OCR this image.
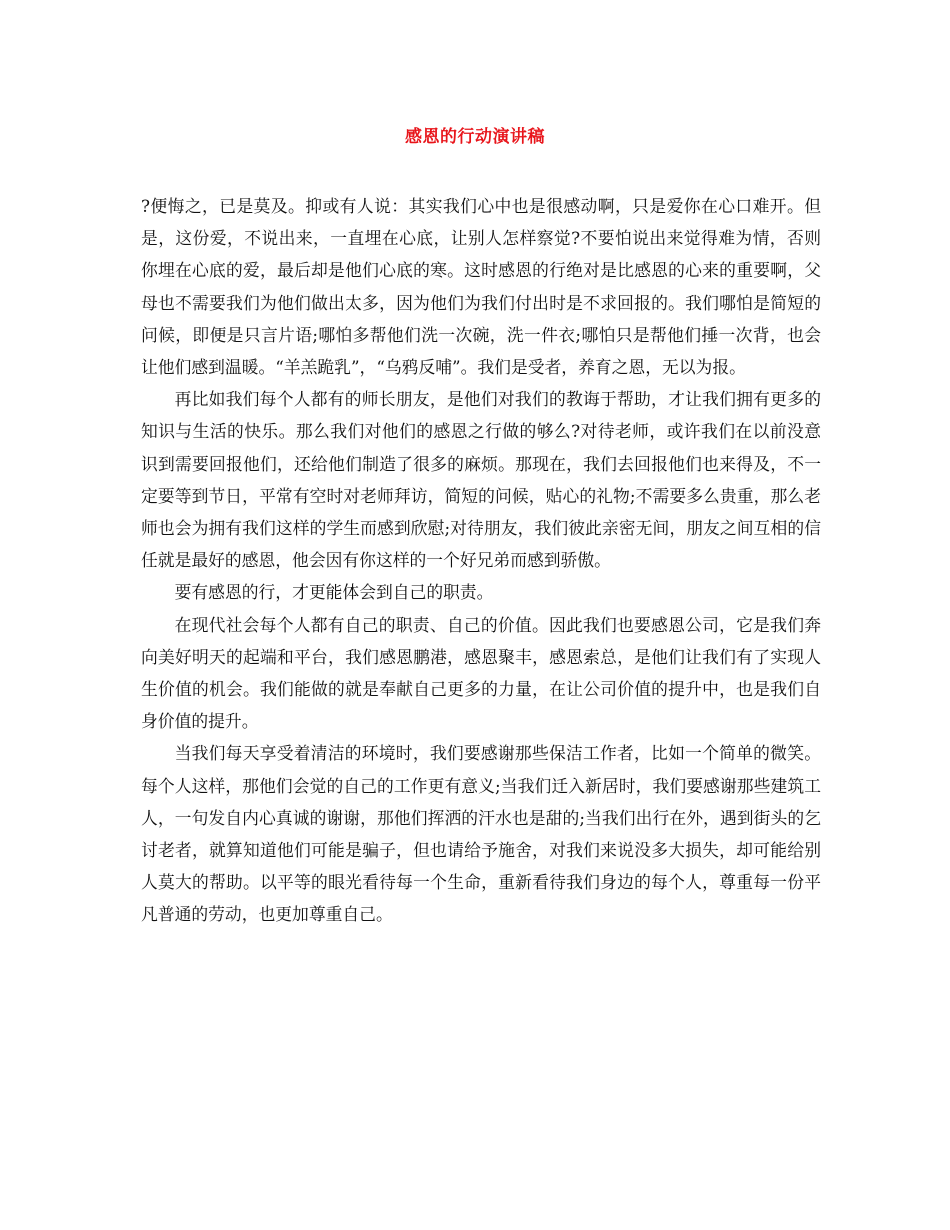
感恩的行动演讲稿

?便悔之，已是莫及。抑或有人说：其实我们心中也是很感动啊，只是爱你在心口难开。但是，这份爱，不说出来，一直埋在心底，让别人怎样察觉?不要怕说出来觉得难为情，否则你埋在心底的爱，最后却是他们心底的寒。这时感恩的行绝对是比感恩的心来的重要啊，父母也不需要我们为他们做出太多，因为他们为我们付出时是不求回报的。我们哪怕是简短的问候，即便是只言片语;哪怕多帮他们洗一次碗，洗一件衣;哪怕只是帮他们捶一次背，也会让他们感到温暖。“羊羔跪乳”，“乌鸦反哺”。我们是受者，养育之恩，无以为报。

再比如我们每个人都有的师长朋友，是他们对我们的教诲于帮助，才让我们拥有更多的知识与生活的快乐。那么我们对他们的感恩之行做的够么?对待老师，或许我们在以前没意识到需要回报他们，还给他们制造了很多的麻烦。那现在，我们去回报他们也来得及，不一定要等到节日，平常有空时对老师拜访，简短的问候，贴心的礼物;不需要多么贵重，那么老师也会为拥有我们这样的学生而感到欣慰;对待朋友，我们彼此亲密无间，朋友之间互相的信任就是最好的感恩，他会因有你这样的一个好兄弟而感到骄傲。

要有感恩的行，才更能体会到自己的职责。

在现代社会每个人都有自己的职责、自己的价值。因此我们也要感恩公司，它是我们奔向美好明天的起端和平台，我们感恩鹏港，感恩聚丰，感恩索总，是他们让我们有了实现人生价值的机会。我们能做的就是奉献自己更多的力量，在让公司价值的提升中，也是我们自身价值的提升。

当我们每天享受着清洁的环境时，我们要感谢那些保洁工作者，比如一个简单的微笑。每个人这样，那他们会觉的自己的工作更有意义;当我们迁入新居时，我们要感谢那些建筑工人，一句发自内心真诚的谢谢，那他们挥洒的汗水也是甜的;当我们出行在外，遇到街头的乞讨老者，就算知道他们可能是骗子，但也请给予施舍，对我们来说没多大损失，却可能给别人莫大的帮助。以平等的眼光看待每一个生命，重新看待我们身边的每个人，尊重每一份平凡普通的劳动，也更加尊重自己。
